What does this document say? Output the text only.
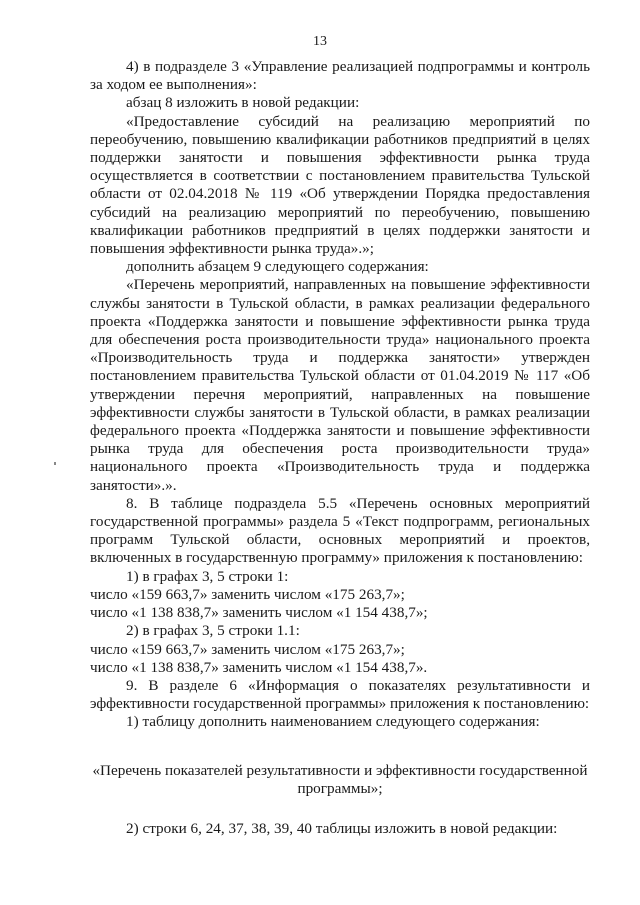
13

4) в подразделе 3 «Управление реализацией подпрограммы и контроль за ходом ее выполнения»:

абзац 8 изложить в новой редакции:

«Предоставление субсидий на реализацию мероприятий по переобучению, повышению квалификации работников предприятий в целях поддержки занятости и повышения эффективности рынка труда осуществляется в соответствии с постановлением правительства Тульской области от 02.04.2018 № 119 «Об утверждении Порядка предоставления субсидий на реализацию мероприятий по переобучению, повышению квалификации работников предприятий в целях поддержки занятости и повышения эффективности рынка труда».»;

дополнить абзацем 9 следующего содержания:

«Перечень мероприятий, направленных на повышение эффективности службы занятости в Тульской области, в рамках реализации федерального проекта «Поддержка занятости и повышение эффективности рынка труда для обеспечения роста производительности труда» национального проекта «Производительность труда и поддержка занятости» утвержден постановлением правительства Тульской области от 01.04.2019 № 117 «Об утверждении перечня мероприятий, направленных на повышение эффективности службы занятости в Тульской области, в рамках реализации федерального проекта «Поддержка занятости и повышение эффективности рынка труда для обеспечения роста производительности труда» национального проекта «Производительность труда и поддержка занятости».».

8. В таблице подраздела 5.5 «Перечень основных мероприятий государственной программы» раздела 5 «Текст подпрограмм, региональных программ Тульской области, основных мероприятий и проектов, включенных в государственную программу» приложения к постановлению:

1) в графах 3, 5 строки 1:

число «159 663,7» заменить числом «175 263,7»;

число «1 138 838,7» заменить числом «1 154 438,7»;

2) в графах 3, 5 строки 1.1:

число «159 663,7» заменить числом «175 263,7»;

число «1 138 838,7» заменить числом «1 154 438,7».

9. В разделе 6 «Информация о показателях результативности и эффективности государственной программы» приложения к постановлению:

1) таблицу дополнить наименованием следующего содержания:

«Перечень показателей результативности и эффективности государственной программы»;

2) строки 6, 24, 37, 38, 39, 40 таблицы изложить в новой редакции:
